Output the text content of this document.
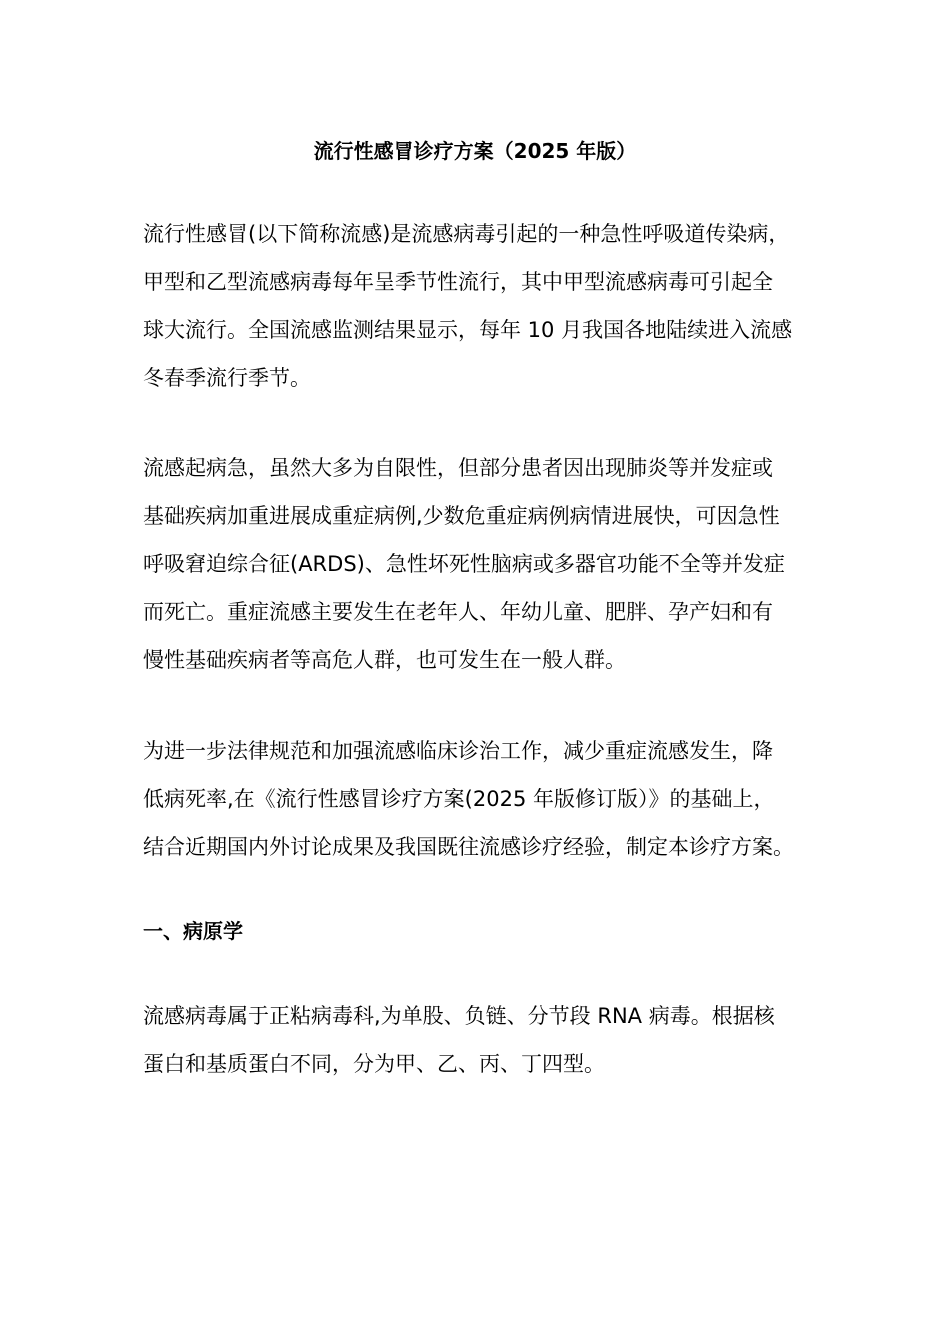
流行性感冒诊疗方案（2025 年版）

流行性感冒(以下简称流感)是流感病毒引起的一种急性呼吸道传染病，
甲型和乙型流感病毒每年呈季节性流行，其中甲型流感病毒可引起全
球大流行。全国流感监测结果显示，每年 10 月我国各地陆续进入流感
冬春季流行季节。

流感起病急，虽然大多为自限性，但部分患者因出现肺炎等并发症或
基础疾病加重进展成重症病例,少数危重症病例病情进展快，可因急性
呼吸窘迫综合征(ARDS)、急性坏死性脑病或多器官功能不全等并发症
而死亡。重症流感主要发生在老年人、年幼儿童、肥胖、孕产妇和有
慢性基础疾病者等高危人群，也可发生在一般人群。

为进一步法律规范和加强流感临床诊治工作，减少重症流感发生，降
低病死率,在《流行性感冒诊疗方案(2025 年版修订版）》的基础上，
结合近期国内外讨论成果及我国既往流感诊疗经验，制定本诊疗方案。

一、病原学

流感病毒属于正粘病毒科,为单股、负链、分节段 RNA 病毒。根据核
蛋白和基质蛋白不同，分为甲、乙、丙、丁四型。
